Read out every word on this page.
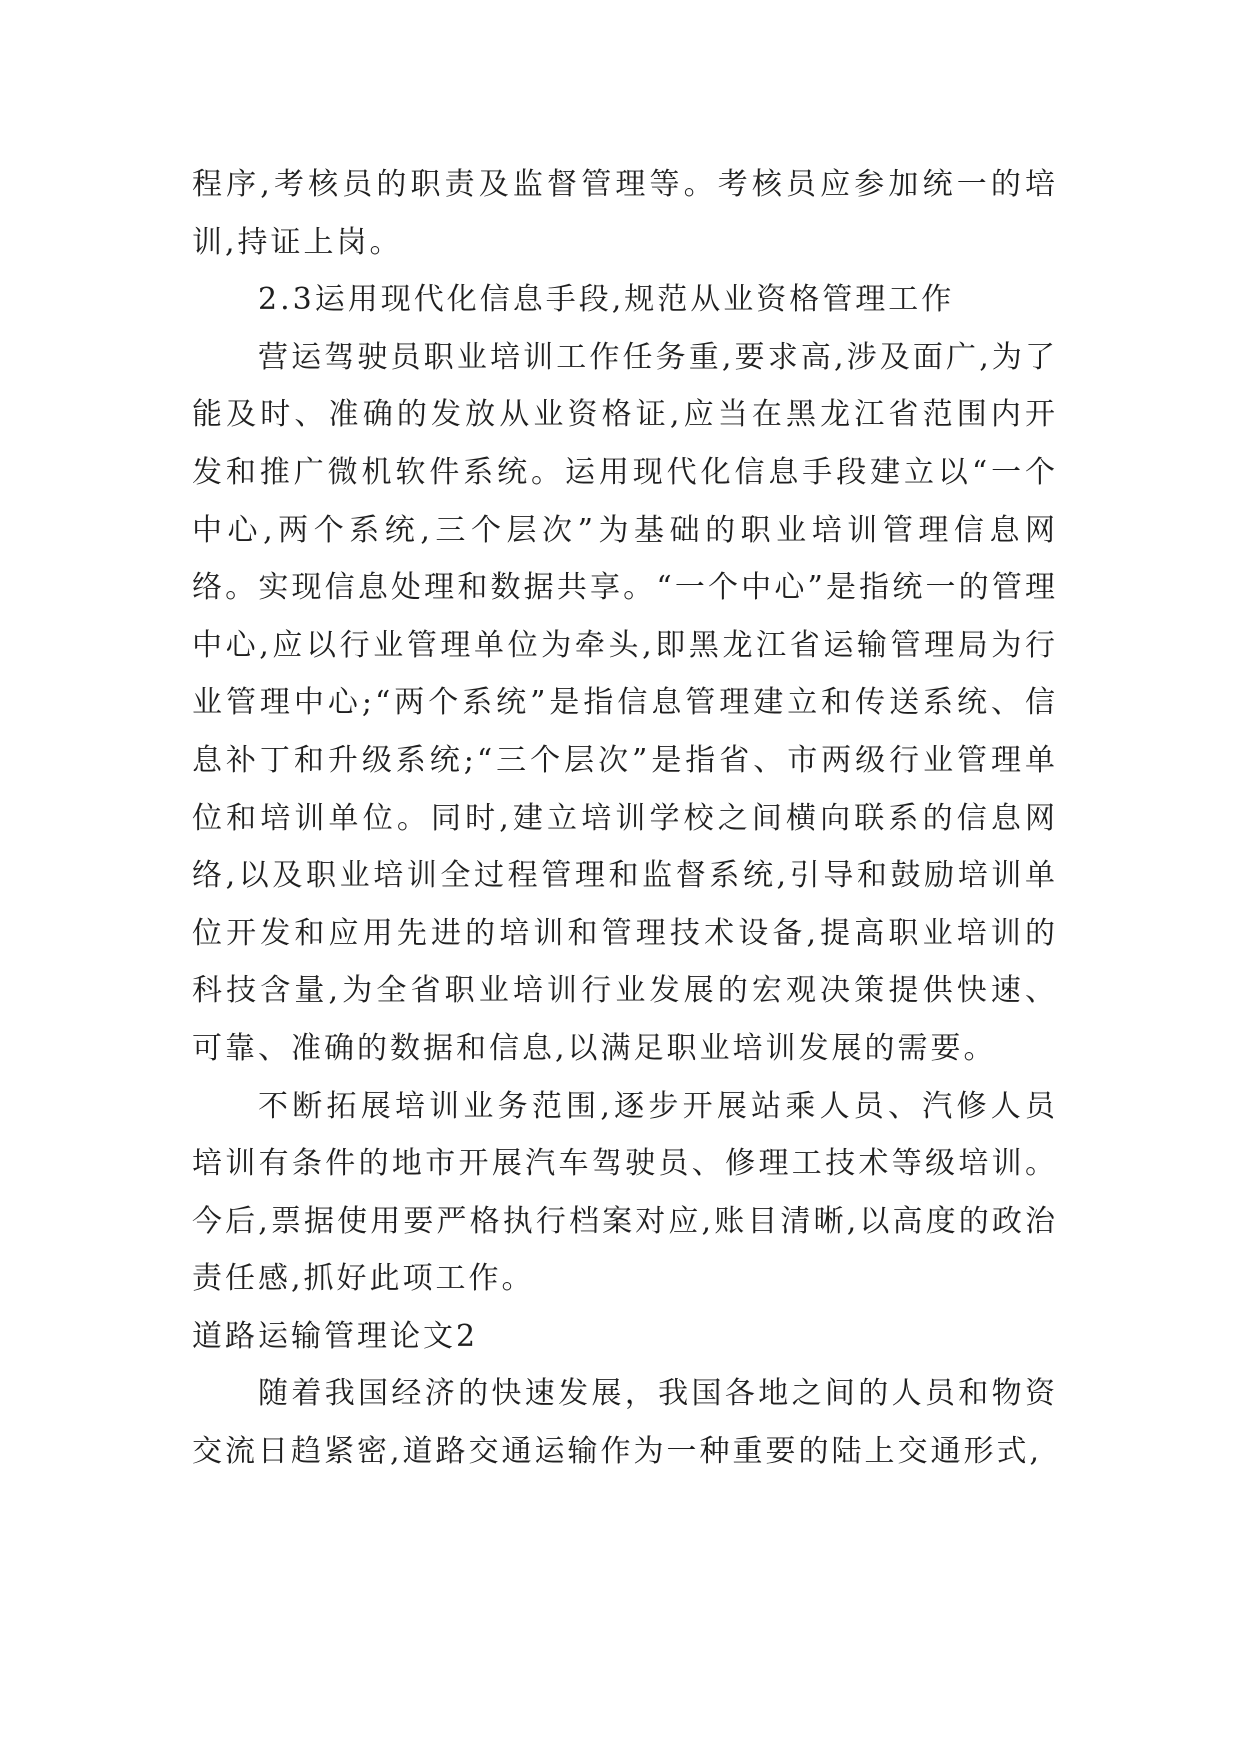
程序,考核员的职责及监督管理等。考核员应参加统一的培训,持证上岗。

2.3运用现代化信息手段,规范从业资格管理工作

营运驾驶员职业培训工作任务重,要求高,涉及面广,为了能及时、准确的发放从业资格证,应当在黑龙江省范围内开发和推广微机软件系统。运用现代化信息手段建立以“一个中心,两个系统,三个层次”为基础的职业培训管理信息网络。实现信息处理和数据共享。“一个中心”是指统一的管理中心,应以行业管理单位为牵头,即黑龙江省运输管理局为行业管理中心;“两个系统”是指信息管理建立和传送系统、信息补丁和升级系统;“三个层次”是指省、市两级行业管理单位和培训单位。同时,建立培训学校之间横向联系的信息网络,以及职业培训全过程管理和监督系统,引导和鼓励培训单位开发和应用先进的培训和管理技术设备,提高职业培训的科技含量,为全省职业培训行业发展的宏观决策提供快速、可靠、准确的数据和信息,以满足职业培训发展的需要。

不断拓展培训业务范围,逐步开展站乘人员、汽修人员培训有条件的地市开展汽车驾驶员、修理工技术等级培训。今后,票据使用要严格执行档案对应,账目清晰,以高度的政治责任感,抓好此项工作。

道路运输管理论文2

随着我国经济的快速发展，我国各地之间的人员和物资交流日趋紧密,道路交通运输作为一种重要的陆上交通形式,
